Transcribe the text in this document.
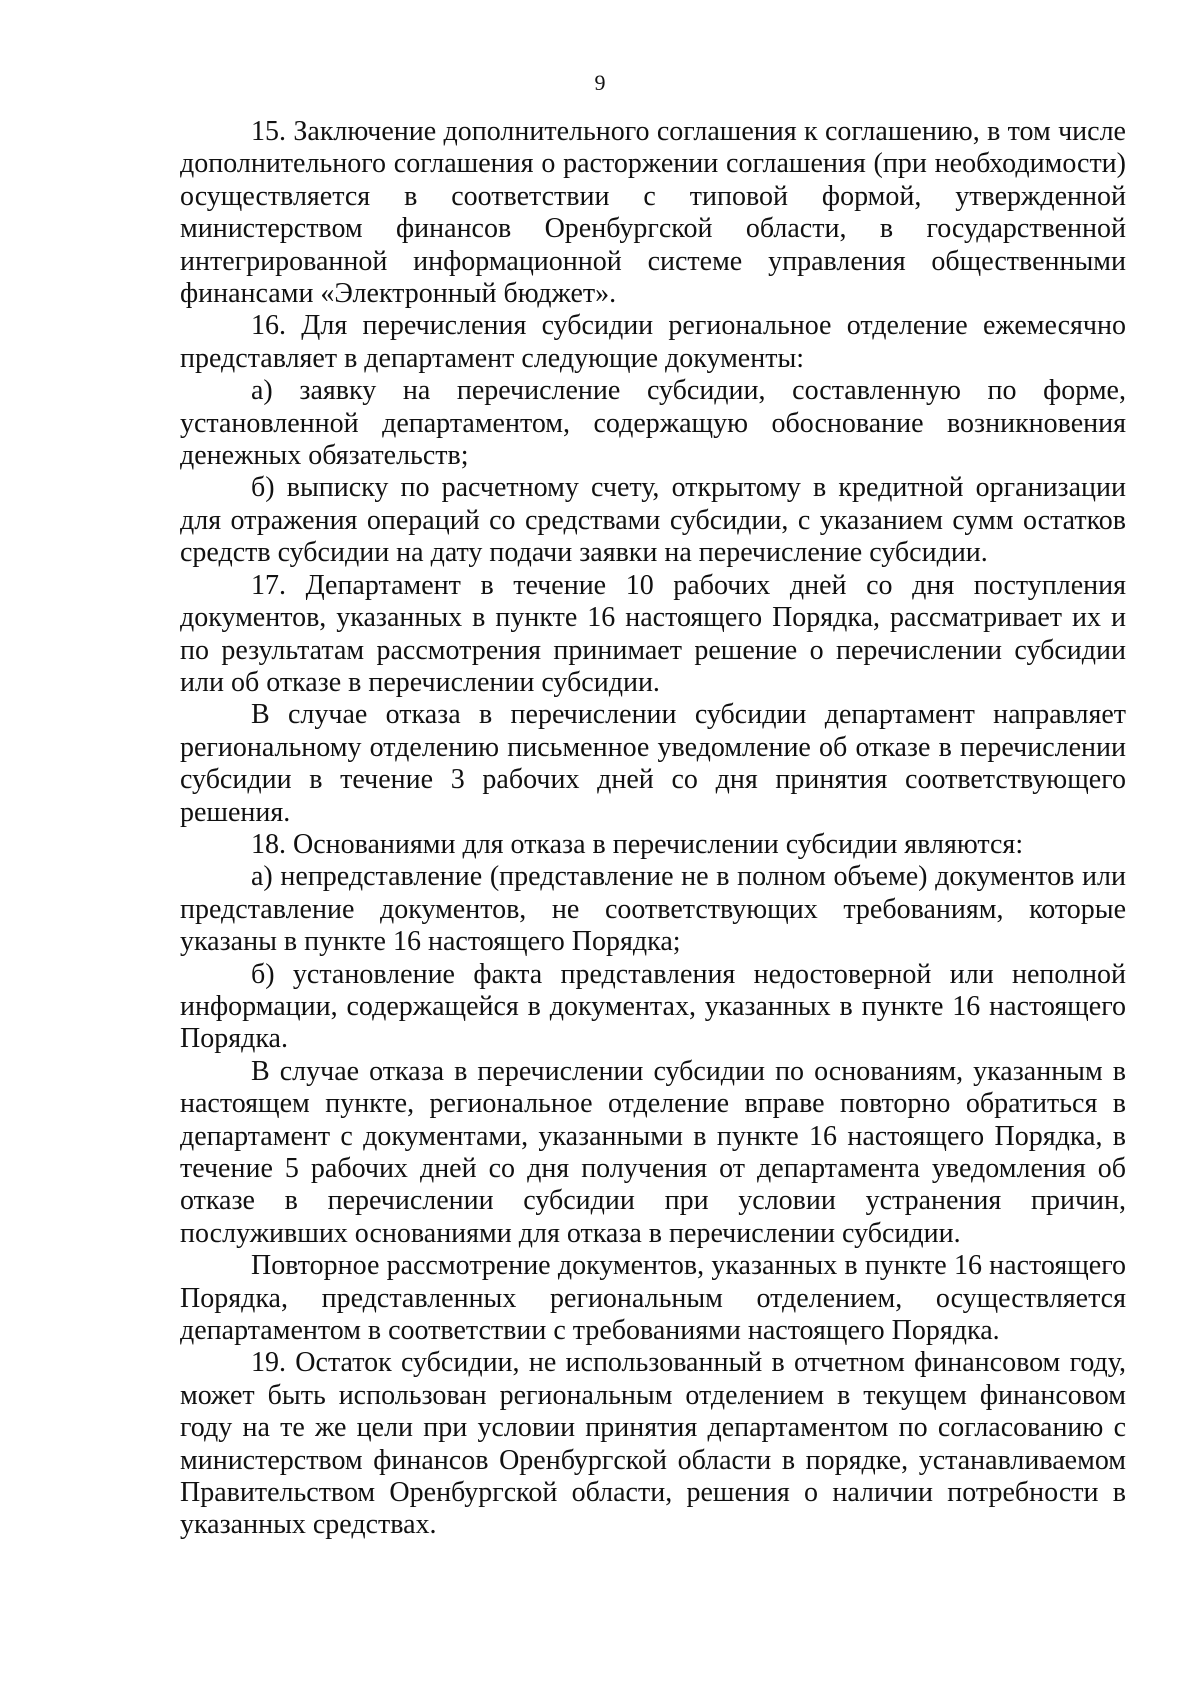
9

15. Заключение дополнительного соглашения к соглашению, в том числе дополнительного соглашения о расторжении соглашения (при необходимости) осуществляется в соответствии с типовой формой, утвержденной министерством финансов Оренбургской области, в государственной интегрированной информационной системе управления общественными финансами «Электронный бюджет».

16. Для перечисления субсидии региональное отделение ежемесячно представляет в департамент следующие документы:

а) заявку на перечисление субсидии, составленную по форме, установленной департаментом, содержащую обоснование возникновения денежных обязательств;

б) выписку по расчетному счету, открытому в кредитной организации для отражения операций со средствами субсидии, с указанием сумм остатков средств субсидии на дату подачи заявки на перечисление субсидии.

17. Департамент в течение 10 рабочих дней со дня поступления документов, указанных в пункте 16 настоящего Порядка, рассматривает их и по результатам рассмотрения принимает решение о перечислении субсидии или об отказе в перечислении субсидии.

В случае отказа в перечислении субсидии департамент направляет региональному отделению письменное уведомление об отказе в перечислении субсидии в течение 3 рабочих дней со дня принятия соответствующего решения.

18. Основаниями для отказа в перечислении субсидии являются:

а) непредставление (представление не в полном объеме) документов или представление документов, не соответствующих требованиям, которые указаны в пункте 16 настоящего Порядка;

б) установление факта представления недостоверной или неполной информации, содержащейся в документах, указанных в пункте 16 настоящего Порядка.

В случае отказа в перечислении субсидии по основаниям, указанным в настоящем пункте, региональное отделение вправе повторно обратиться в департамент с документами, указанными в пункте 16 настоящего Порядка, в течение 5 рабочих дней со дня получения от департамента уведомления об отказе в перечислении субсидии при условии устранения причин, послуживших основаниями для отказа в перечислении субсидии.

Повторное рассмотрение документов, указанных в пункте 16 настоящего Порядка, представленных региональным отделением, осуществляется департаментом в соответствии с требованиями настоящего Порядка.

19. Остаток субсидии, не использованный в отчетном финансовом году, может быть использован региональным отделением в текущем финансовом году на те же цели при условии принятия департаментом по согласованию с министерством финансов Оренбургской области в порядке, устанавливаемом Правительством Оренбургской области, решения о наличии потребности в указанных средствах.
